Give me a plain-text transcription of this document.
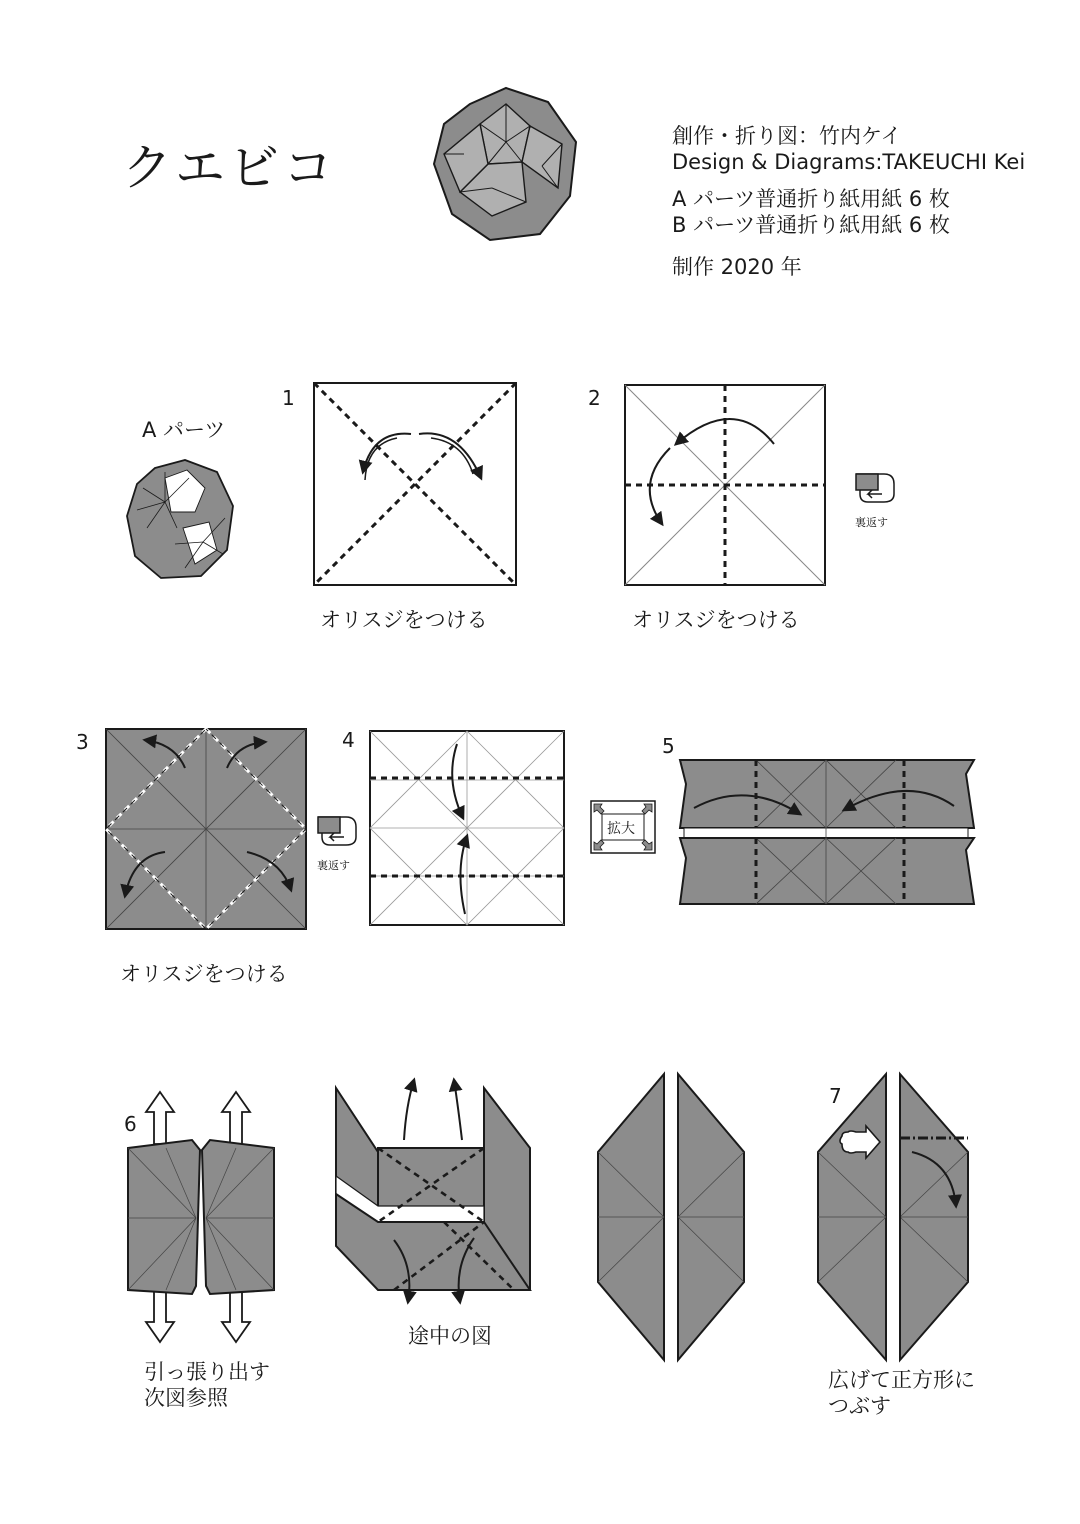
クエビコ
創作・折り図：竹内ケイ
Design & Diagrams:TAKEUCHI Kei
A パーツ普通折り紙用紙 6 枚
B パーツ普通折り紙用紙 6 枚
制作 2020 年
A パーツ
1
オリスジをつける
2
裏返す
オリスジをつける
3
裏返す
オリスジをつける
4
拡大
5
6
引っ張り出す
次図参照
途中の図
7
広げて正方形に
つぶす
